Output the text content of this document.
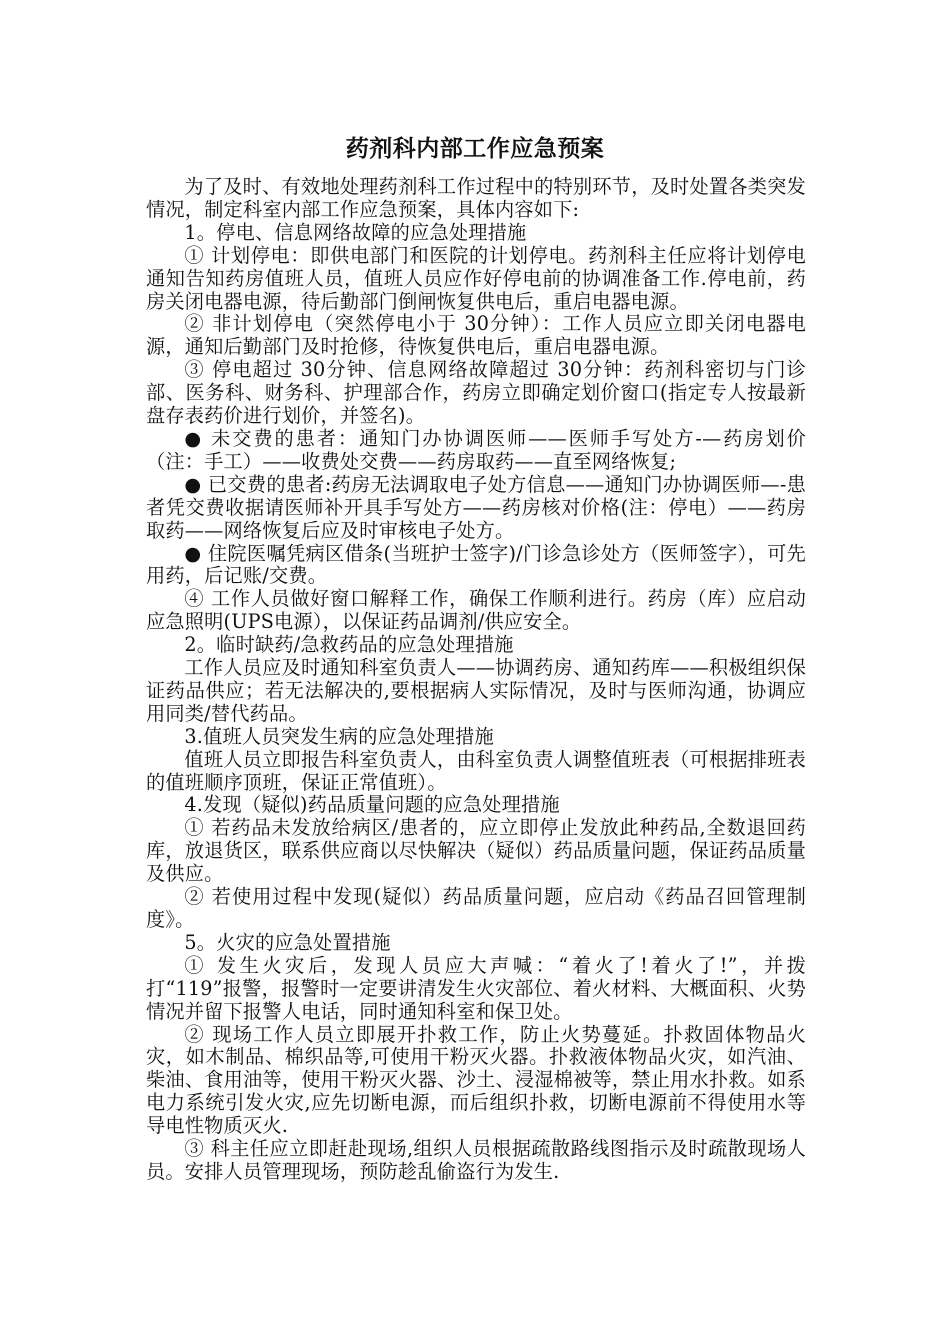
药剂科内部工作应急预案

为了及时、有效地处理药剂科工作过程中的特别环节，及时处置各类突发情况，制定科室内部工作应急预案，具体内容如下:

1。停电、信息网络故障的应急处理措施

① 计划停电：即供电部门和医院的计划停电。药剂科主任应将计划停电通知告知药房值班人员，值班人员应作好停电前的协调准备工作.停电前，药房关闭电器电源，待后勤部门倒闸恢复供电后，重启电器电源。

② 非计划停电（突然停电小于 30分钟）：工作人员应立即关闭电器电源，通知后勤部门及时抢修，待恢复供电后，重启电器电源。

③ 停电超过 30分钟、信息网络故障超过 30分钟：药剂科密切与门诊部、医务科、财务科、护理部合作，药房立即确定划价窗口(指定专人按最新盘存表药价进行划价，并签名)。

● 未交费的患者：通知门办协调医师——医师手写处方-—药房划价（注：手工）——收费处交费——药房取药——直至网络恢复;

● 已交费的患者:药房无法调取电子处方信息——通知门办协调医师—-患者凭交费收据请医师补开具手写处方——药房核对价格(注：停电）——药房取药——网络恢复后应及时审核电子处方。

● 住院医嘱凭病区借条(当班护士签字)/门诊急诊处方（医师签字），可先用药，后记账/交费。

④ 工作人员做好窗口解释工作，确保工作顺利进行。药房（库）应启动应急照明(UPS电源），以保证药品调剂/供应安全。

2。临时缺药/急救药品的应急处理措施

工作人员应及时通知科室负责人——协调药房、通知药库——积极组织保证药品供应；若无法解决的,要根据病人实际情况，及时与医师沟通，协调应用同类/替代药品。

3.值班人员突发生病的应急处理措施

值班人员立即报告科室负责人，由科室负责人调整值班表（可根据排班表的值班顺序顶班，保证正常值班）。

4.发现（疑似)药品质量问题的应急处理措施

① 若药品未发放给病区/患者的，应立即停止发放此种药品,全数退回药库，放退货区，联系供应商以尽快解决（疑似）药品质量问题，保证药品质量及供应。

② 若使用过程中发现(疑似）药品质量问题，应启动《药品召回管理制度》。

5。火灾的应急处置措施

① 发生火灾后，发现人员应大声喊：“着火了!着火了!”，并拨打“119”报警，报警时一定要讲清发生火灾部位、着火材料、大概面积、火势情况并留下报警人电话，同时通知科室和保卫处。

② 现场工作人员立即展开扑救工作，防止火势蔓延。扑救固体物品火灾，如木制品、棉织品等,可使用干粉灭火器。扑救液体物品火灾，如汽油、柴油、食用油等，使用干粉灭火器、沙土、浸湿棉被等，禁止用水扑救。如系电力系统引发火灾,应先切断电源，而后组织扑救，切断电源前不得使用水等导电性物质灭火.

③ 科主任应立即赶赴现场,组织人员根据疏散路线图指示及时疏散现场人员。安排人员管理现场，预防趁乱偷盗行为发生.
